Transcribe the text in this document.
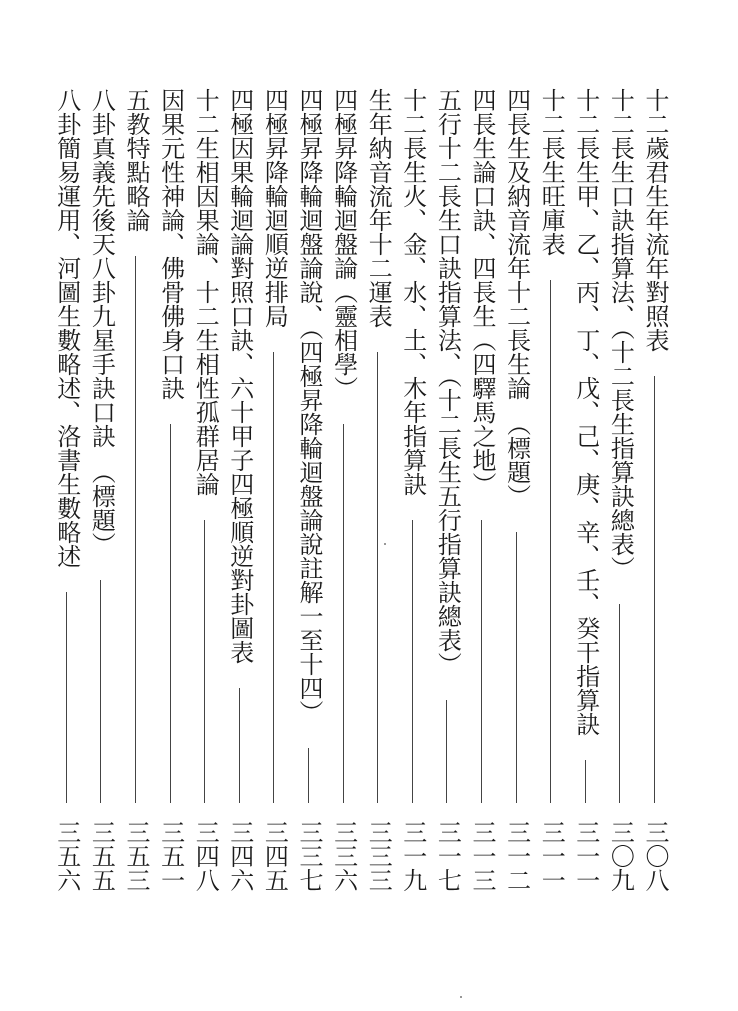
十二歲君生年流年對照表
三〇八
十二長生口訣指算法、（十二長生指算訣總表）
三〇九
十二長生甲、乙、丙、丁、戊、己、庚、辛、壬、癸干指算訣
三一一
十二長生旺庫表
三一一
四長生及納音流年十二長生論　（標題）
三一二
四長生論口訣、四長生（四驛馬之地）
三一三
五行十二長生口訣指算法、（十二長生五行指算訣總表）
三一七
十二長生火、金、水、土、木年指算訣
三一九
生年納音流年十二運表
三三三
四極昇降輪迴盤論（靈相學）
三三六
四極昇降輪迴盤論說、（四極昇降輪迴盤論說註解一至十四）
三三七
四極昇降輪迴順逆排局
三四五
四極因果輪迴論對照口訣、六十甲子四極順逆對卦圖表
三四六
十二生相因果論、十二生相性孤群居論
三四八
因果元性神論、佛骨佛身口訣
三五一
五教特點略論
三五三
八卦真義先後天八卦九星手訣口訣　（標題）
三五五
八卦簡易運用、河圖生數略述、洛書生數略述
三五六
